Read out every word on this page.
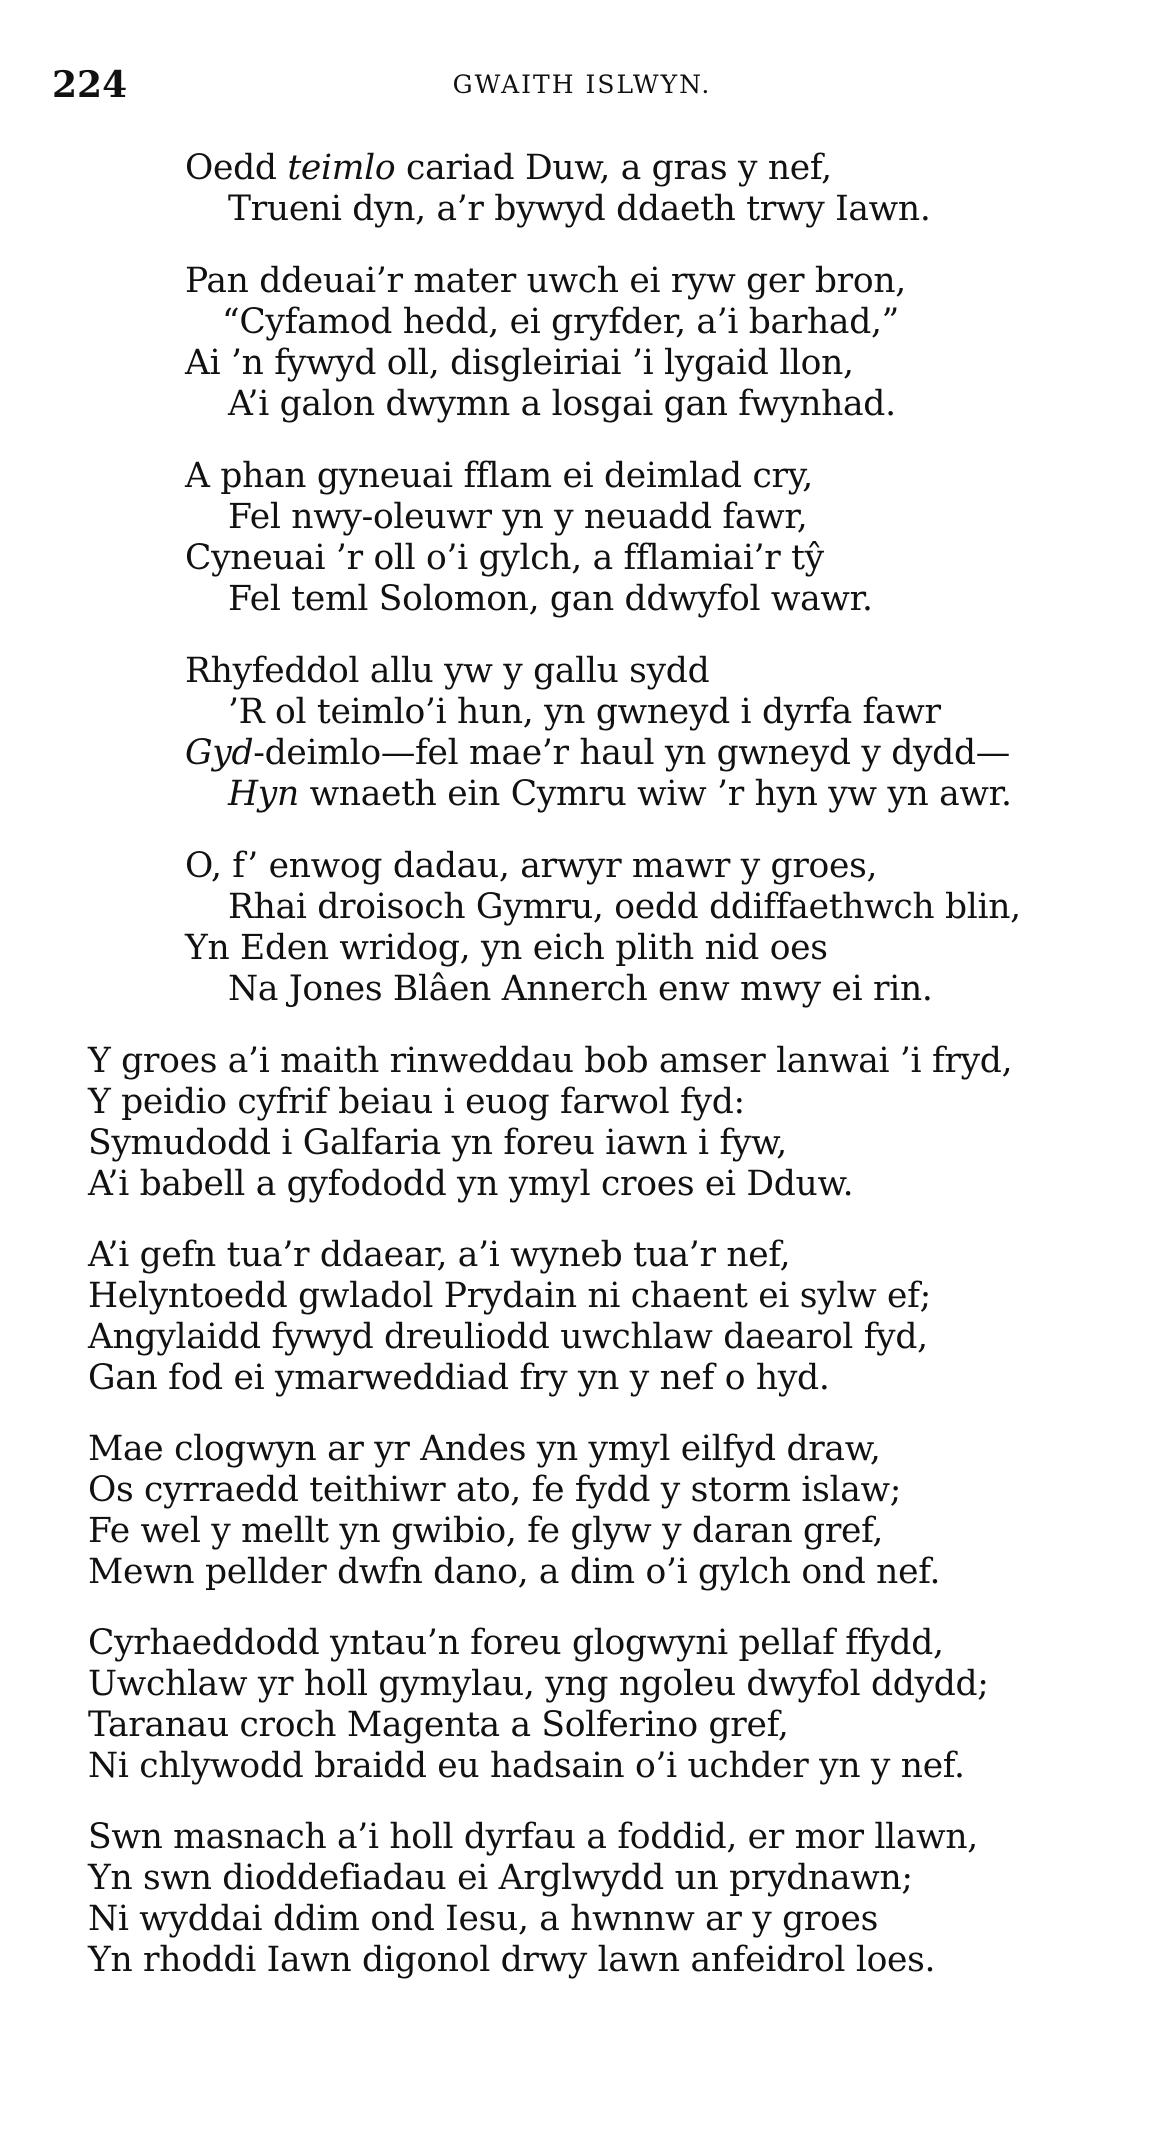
224	GWAITH ISLWYN.
Oedd teimlo cariad Duw, a gras y nef,
Trueni dyn, a’r bywyd ddaeth trwy Iawn.
Pan ddeuai’r mater uwch ei ryw ger bron,
“Cyfamod hedd, ei gryfder, a’i barhad,”
Ai ’n fywyd oll, disgleiriai ’i lygaid llon,
A’i galon dwymn a losgai gan fwynhad.
A phan gyneuai fflam ei deimlad cry,
Fel nwy-oleuwr yn y neuadd fawr,
Cyneuai ’r oll o’i gylch, a fflamiai’r tŷ
Fel teml Solomon, gan ddwyfol wawr.
Rhyfeddol allu yw y gallu sydd
’R ol teimlo’i hun, yn gwneyd i dyrfa fawr
Gyd-deimlo—fel mae’r haul yn gwneyd y dydd—
Hyn wnaeth ein Cymru wiw ’r hyn yw yn awr.
O, f’ enwog dadau, arwyr mawr y groes,
Rhai droisoch Gymru, oedd ddiffaethwch blin,
Yn Eden wridog, yn eich plith nid oes
Na Jones Blâen Annerch enw mwy ei rin.
Y groes a’i maith rinweddau bob amser lanwai ’i fryd,
Y peidio cyfrif beiau i euog farwol fyd:
Symudodd i Galfaria yn foreu iawn i fyw,
A’i babell a gyfododd yn ymyl croes ei Dduw.
A’i gefn tua’r ddaear, a’i wyneb tua’r nef,
Helyntoedd gwladol Prydain ni chaent ei sylw ef;
Angylaidd fywyd dreuliodd uwchlaw daearol fyd,
Gan fod ei ymarweddiad fry yn y nef o hyd.
Mae clogwyn ar yr Andes yn ymyl eilfyd draw,
Os cyrraedd teithiwr ato, fe fydd y storm islaw;
Fe wel y mellt yn gwibio, fe glyw y daran gref,
Mewn pellder dwfn dano, a dim o’i gylch ond nef.
Cyrhaeddodd yntau’n foreu glogwyni pellaf ffydd,
Uwchlaw yr holl gymylau, yng ngoleu dwyfol ddydd;
Taranau croch Magenta a Solferino gref,
Ni chlywodd braidd eu hadsain o’i uchder yn y nef.
Swn masnach a’i holl dyrfau a foddid, er mor llawn,
Yn swn dioddefiadau ei Arglwydd un prydnawn;
Ni wyddai ddim ond Iesu, a hwnnw ar y groes
Yn rhoddi Iawn digonol drwy lawn anfeidrol loes.
